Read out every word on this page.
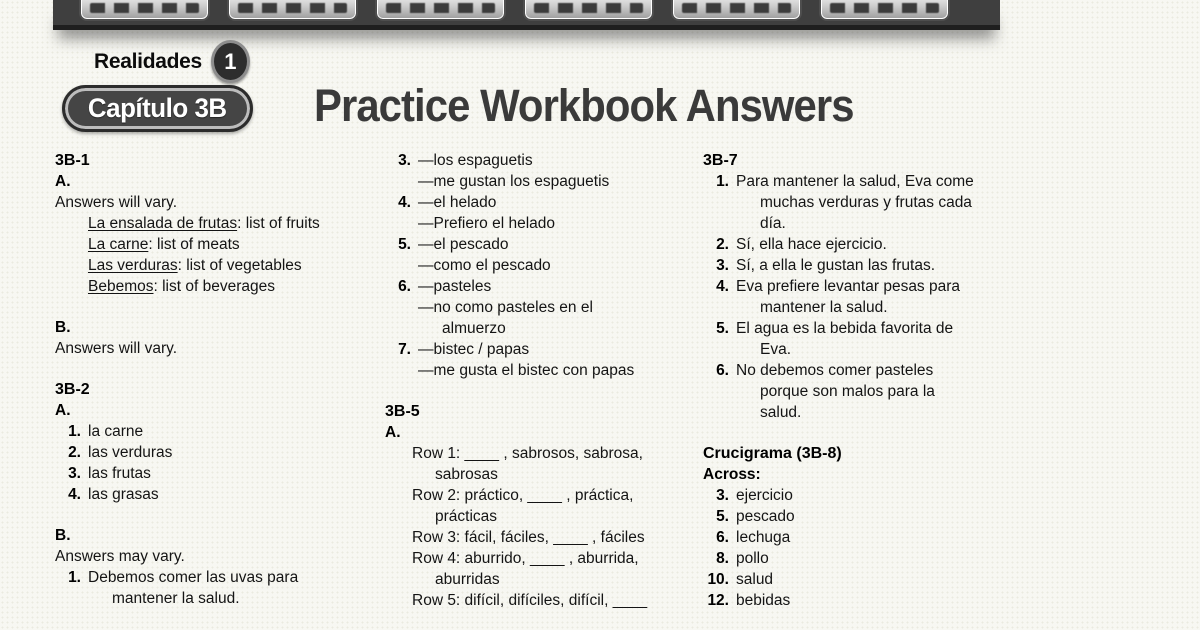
Realidades 1
Capítulo 3B Practice Workbook Answers
3B-1
A.
Answers will vary.
La ensalada de frutas: list of fruits
La carne: list of meats
Las verduras: list of vegetables
Bebemos: list of beverages
B.
Answers will vary.
3B-2
A.
1. la carne
2. las verduras
3. las frutas
4. las grasas
B.
Answers may vary.
1. Debemos comer las uvas para
mantener la salud.
3. —los espaguetis
—me gustan los espaguetis
4. —el helado
—Prefiero el helado
5. —el pescado
—como el pescado
6. —pasteles
—no como pasteles en el
almuerzo
7. —bistec / papas
—me gusta el bistec con papas
3B-5
A.
Row 1: ____ , sabrosos, sabrosa,
sabrosas
Row 2: práctico, ____ , práctica,
prácticas
Row 3: fácil, fáciles, ____ , fáciles
Row 4: aburrido, ____ , aburrida,
aburridas
Row 5: difícil, difíciles, difícil, ____
3B-7
1. Para mantener la salud, Eva come
muchas verduras y frutas cada
día.
2. Sí, ella hace ejercicio.
3. Sí, a ella le gustan las frutas.
4. Eva prefiere levantar pesas para
mantener la salud.
5. El agua es la bebida favorita de
Eva.
6. No debemos comer pasteles
porque son malos para la
salud.
Crucigrama (3B-8)
Across:
3. ejercicio
5. pescado
6. lechuga
8. pollo
10. salud
12. bebidas
